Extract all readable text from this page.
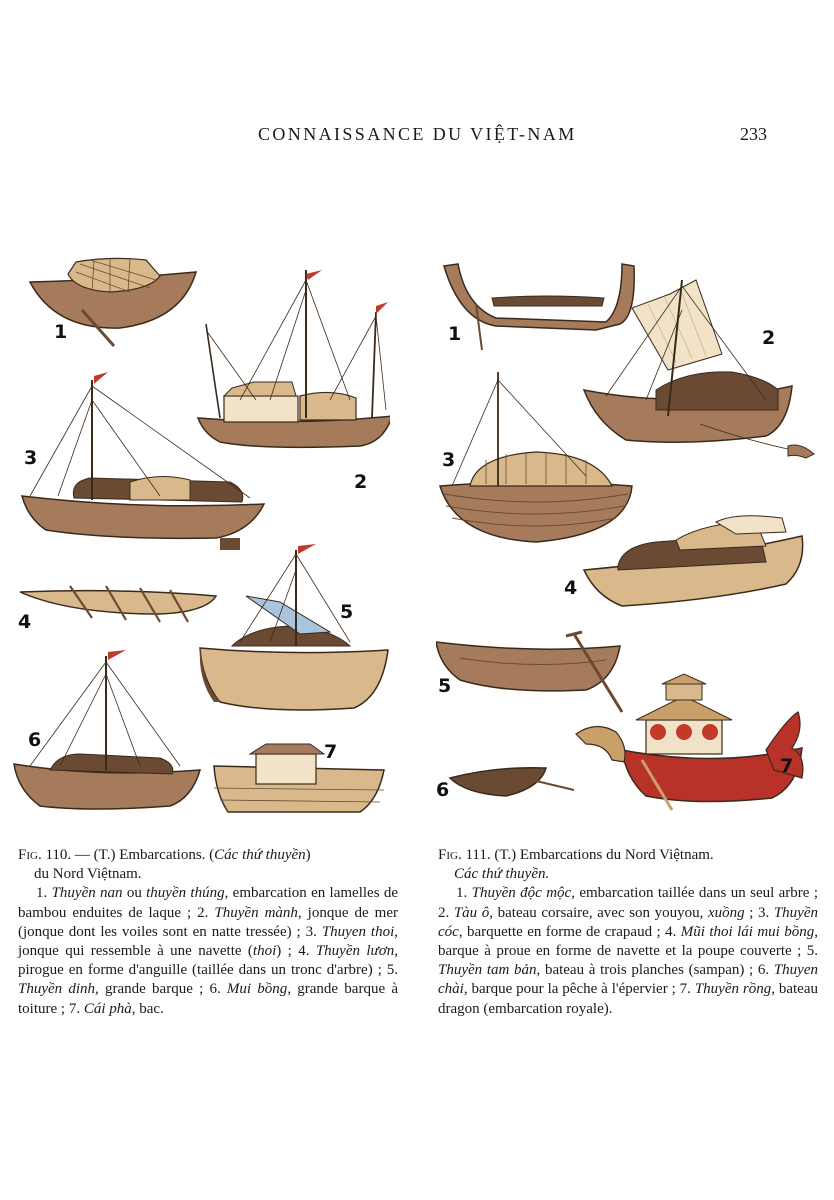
CONNAISSANCE DU VIỆT-NAM	233
1
2
3
4	5
6
7
1	2
3
4
5
6
7

Fig. 110. — (T.) Embarcations. (Các thứ thuyền)

du Nord Việtnam.

1. Thuyền nan ou thuyền thúng, embarcation en lamelles de bambou enduites de laque ; 2. Thuyền mành, jonque de mer (jonque dont les voiles sont en natte tressée) ; 3. Thuyen thoi, jonque qui ressemble à une navette (thoi) ; 4. Thuyền lươn, pirogue en forme d'anguille (taillée dans un tronc d'arbre) ; 5. Thuyền dinh, grande barque ; 6. Mui bồng, grande barque à toiture ; 7. Cái phà, bac.

Fig. 111. (T.) Embarcations du Nord Việtnam.

Các thứ thuyền.

1. Thuyền độc mộc, embarcation taillée dans un seul arbre ; 2. Tàu ô, bateau corsaire, avec son youyou, xuồng ; 3. Thuyền cóc, barquette en forme de crapaud ; 4. Mũi thoi lái mui bồng, barque à proue en forme de navette et la poupe couverte ; 5. Thuyền tam bản, bateau à trois planches (sampan) ; 6. Thuyen chài, barque pour la pêche à l'épervier ; 7. Thuyền rồng, bateau dragon (embarcation royale).
